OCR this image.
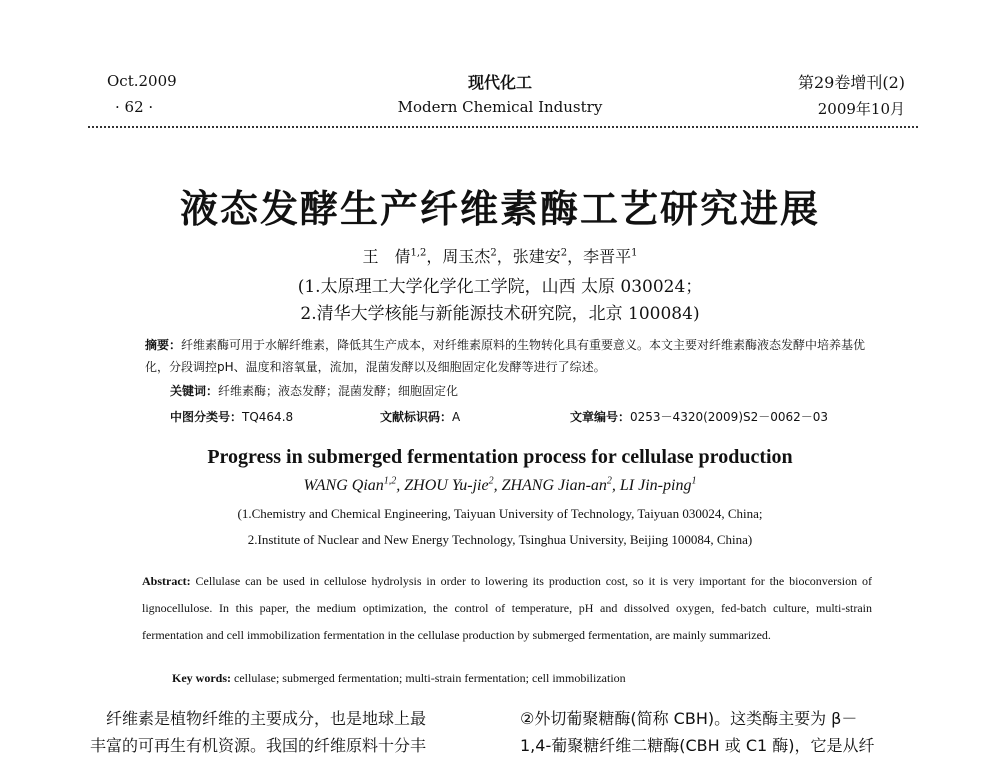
Oct.2009
· 62 ·
现代化工
Modern Chemical Industry
第29卷增刊(2)
2009年10月
液态发酵生产纤维素酶工艺研究进展
王　倩$^{1,2}$，周玉杰$^2$，张建安$^2$，李晋平$^1$
(1.太原理工大学化学化工学院，山西 太原 030024；
2.清华大学核能与新能源技术研究院，北京 100084)
摘要：纤维素酶可用于水解纤维素，降低其生产成本，对纤维素原料的生物转化具有重要意义。本文主要对纤维素酶液态发酵中培养基优化，分段调控pH、温度和溶氧量，流加，混菌发酵以及细胞固定化发酵等进行了综述。
关键词：纤维素酶；液态发酵；混菌发酵；细胞固定化
中图分类号：TQ464.8	文献标识码：A	文章编号：0253－4320(2009)S2－0062－03
Progress in submerged fermentation process for cellulase production
WANG Qian$^{1,2}$, ZHOU Yu-jie$^2$, ZHANG Jian-$an^2$, LI Jin-ping$^1$
(1.Chemistry and Chemical Engineering, Taiyuan University of Technology, Taiyuan 030024, China;
2.Institute of Nuclear and New Energy Technology, Tsinghua University, Beijing 100084, China)
Abstract: Cellulase can be used in cellulose hydrolysis in order to lowering its production cost, so it is very important for the bioconversion of lignocellulose. In this paper, the medium optimization, the control of temperature, pH and dissolved oxygen, fed-batch culture, multi-strain fermentation and cell immobilization fermentation in the cellulase production by submerged fermentation, are mainly summarized.
Key words: cellulase; submerged fermentation; multi-strain fermentation; cell immobilization

　纤维素是植物纤维的主要成分，也是地球上最

丰富的可再生有机资源。我国的纤维原料十分丰

②外切葡聚糖酶(简称 CBH)。这类酶主要为 β－

1,4-葡聚糖纤维二糖酶(CBH 或 C1 酶)，它是从纤
